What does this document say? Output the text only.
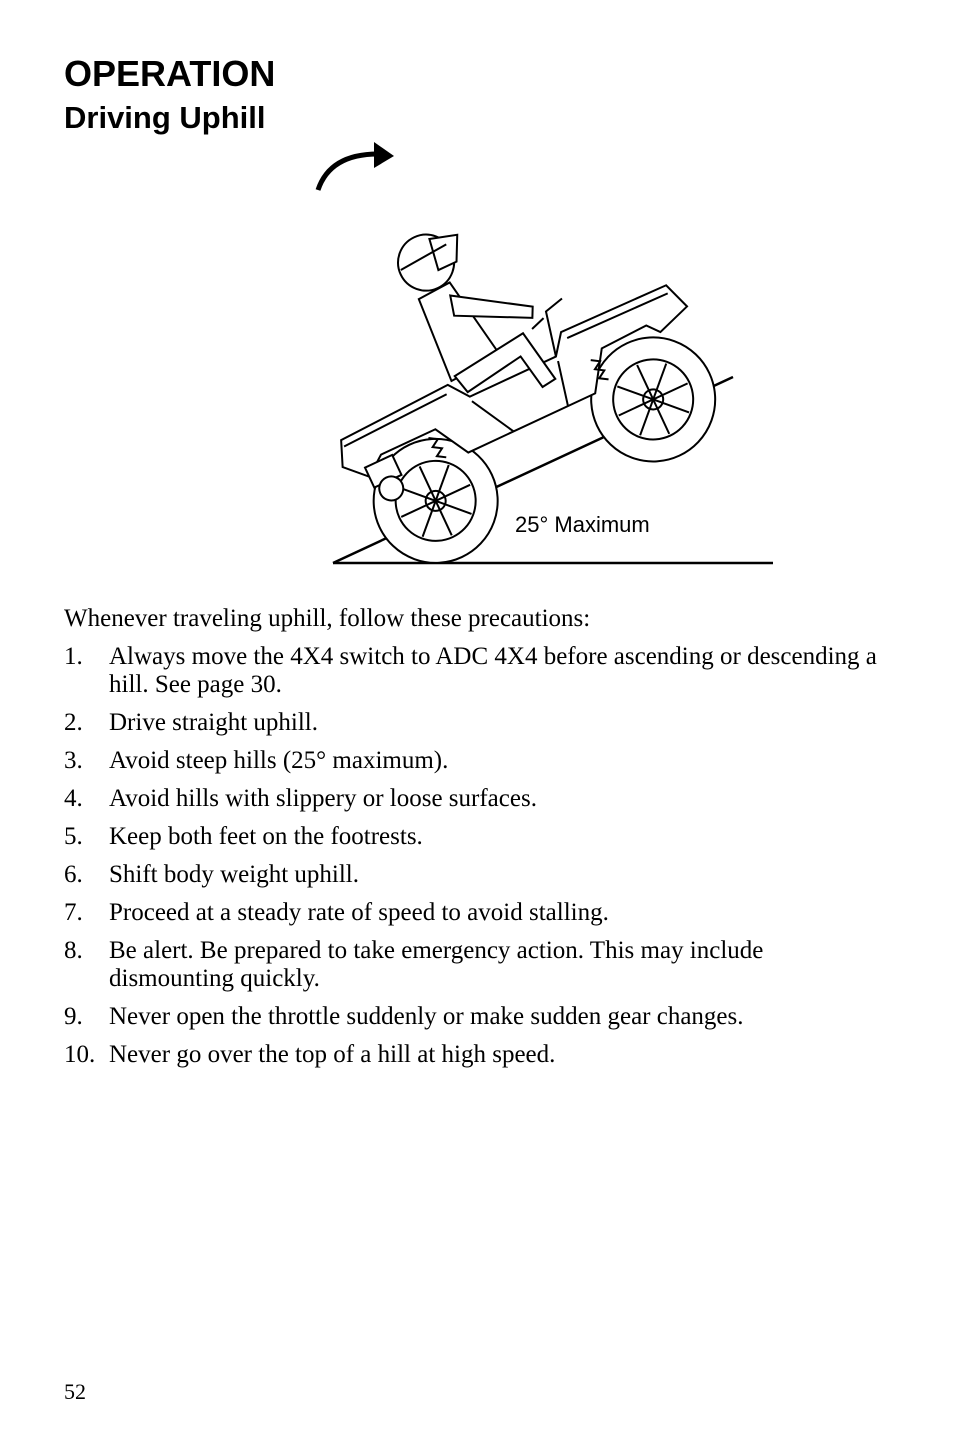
OPERATION
Driving Uphill
25° Maximum

Whenever traveling uphill, follow these precautions:

1.	Always move the 4X4 switch to ADC 4X4 before ascending or descending a hill. See page 30.
2.	Drive straight uphill.
3.	Avoid steep hills (25° maximum).
4.	Avoid hills with slippery or loose surfaces.
5.	Keep both feet on the footrests.
6.	Shift body weight uphill.
7.	Proceed at a steady rate of speed to avoid stalling.
8.	Be alert. Be prepared to take emergency action. This may include dismounting quickly.
9.	Never open the throttle suddenly or make sudden gear changes.
10. Never go over the top of a hill at high speed.
52
